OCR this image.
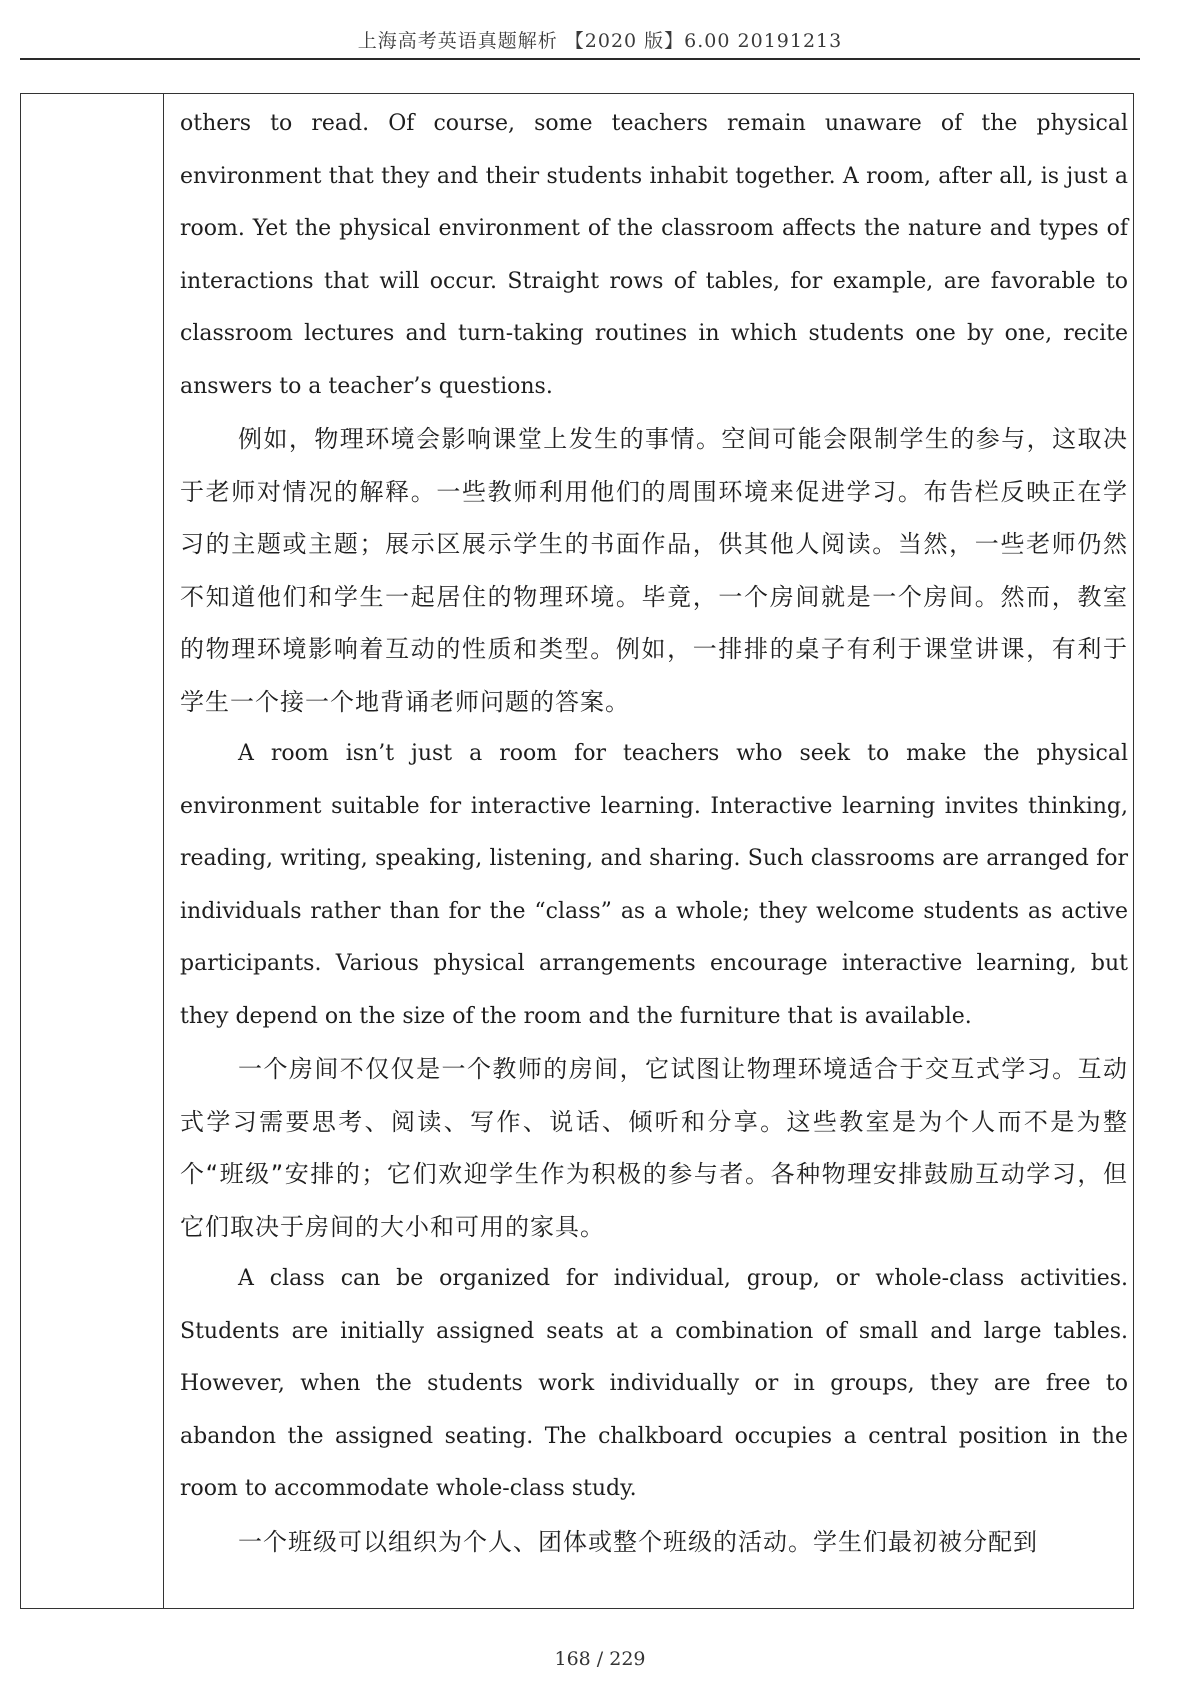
上海高考英语真题解析 【2020 版】6.00 20191213

others to read. Of course, some teachers remain unaware of the physical environment that they and their students inhabit together. A room, after all, is just a room. Yet the physical environment of the classroom affects the nature and types of interactions that will occur. Straight rows of tables, for example, are favorable to classroom lectures and turn-taking routines in which students one by one, recite answers to a teacher’s questions.

例如，物理环境会影响课堂上发生的事情。空间可能会限制学生的参与，这取决于老师对情况的解释。一些教师利用他们的周围环境来促进学习。布告栏反映正在学习的主题或主题；展示区展示学生的书面作品，供其他人阅读。当然，一些老师仍然不知道他们和学生一起居住的物理环境。毕竟，一个房间就是一个房间。然而，教室的物理环境影响着互动的性质和类型。例如，一排排的桌子有利于课堂讲课，有利于学生一个接一个地背诵老师问题的答案。

A room isn’t just a room for teachers who seek to make the physical environment suitable for interactive learning. Interactive learning invites thinking, reading, writing, speaking, listening, and sharing. Such classrooms are arranged for individuals rather than for the “class” as a whole; they welcome students as active participants. Various physical arrangements encourage interactive learning, but they depend on the size of the room and the furniture that is available.

一个房间不仅仅是一个教师的房间，它试图让物理环境适合于交互式学习。互动式学习需要思考、阅读、写作、说话、倾听和分享。这些教室是为个人而不是为整个“班级”安排的；它们欢迎学生作为积极的参与者。各种物理安排鼓励互动学习，但它们取决于房间的大小和可用的家具。

A class can be organized for individual, group, or whole-class activities. Students are initially assigned seats at a combination of small and large tables. However, when the students work individually or in groups, they are free to abandon the assigned seating. The chalkboard occupies a central position in the room to accommodate whole-class study.

一个班级可以组织为个人、团体或整个班级的活动。学生们最初被分配到

168 / 229
